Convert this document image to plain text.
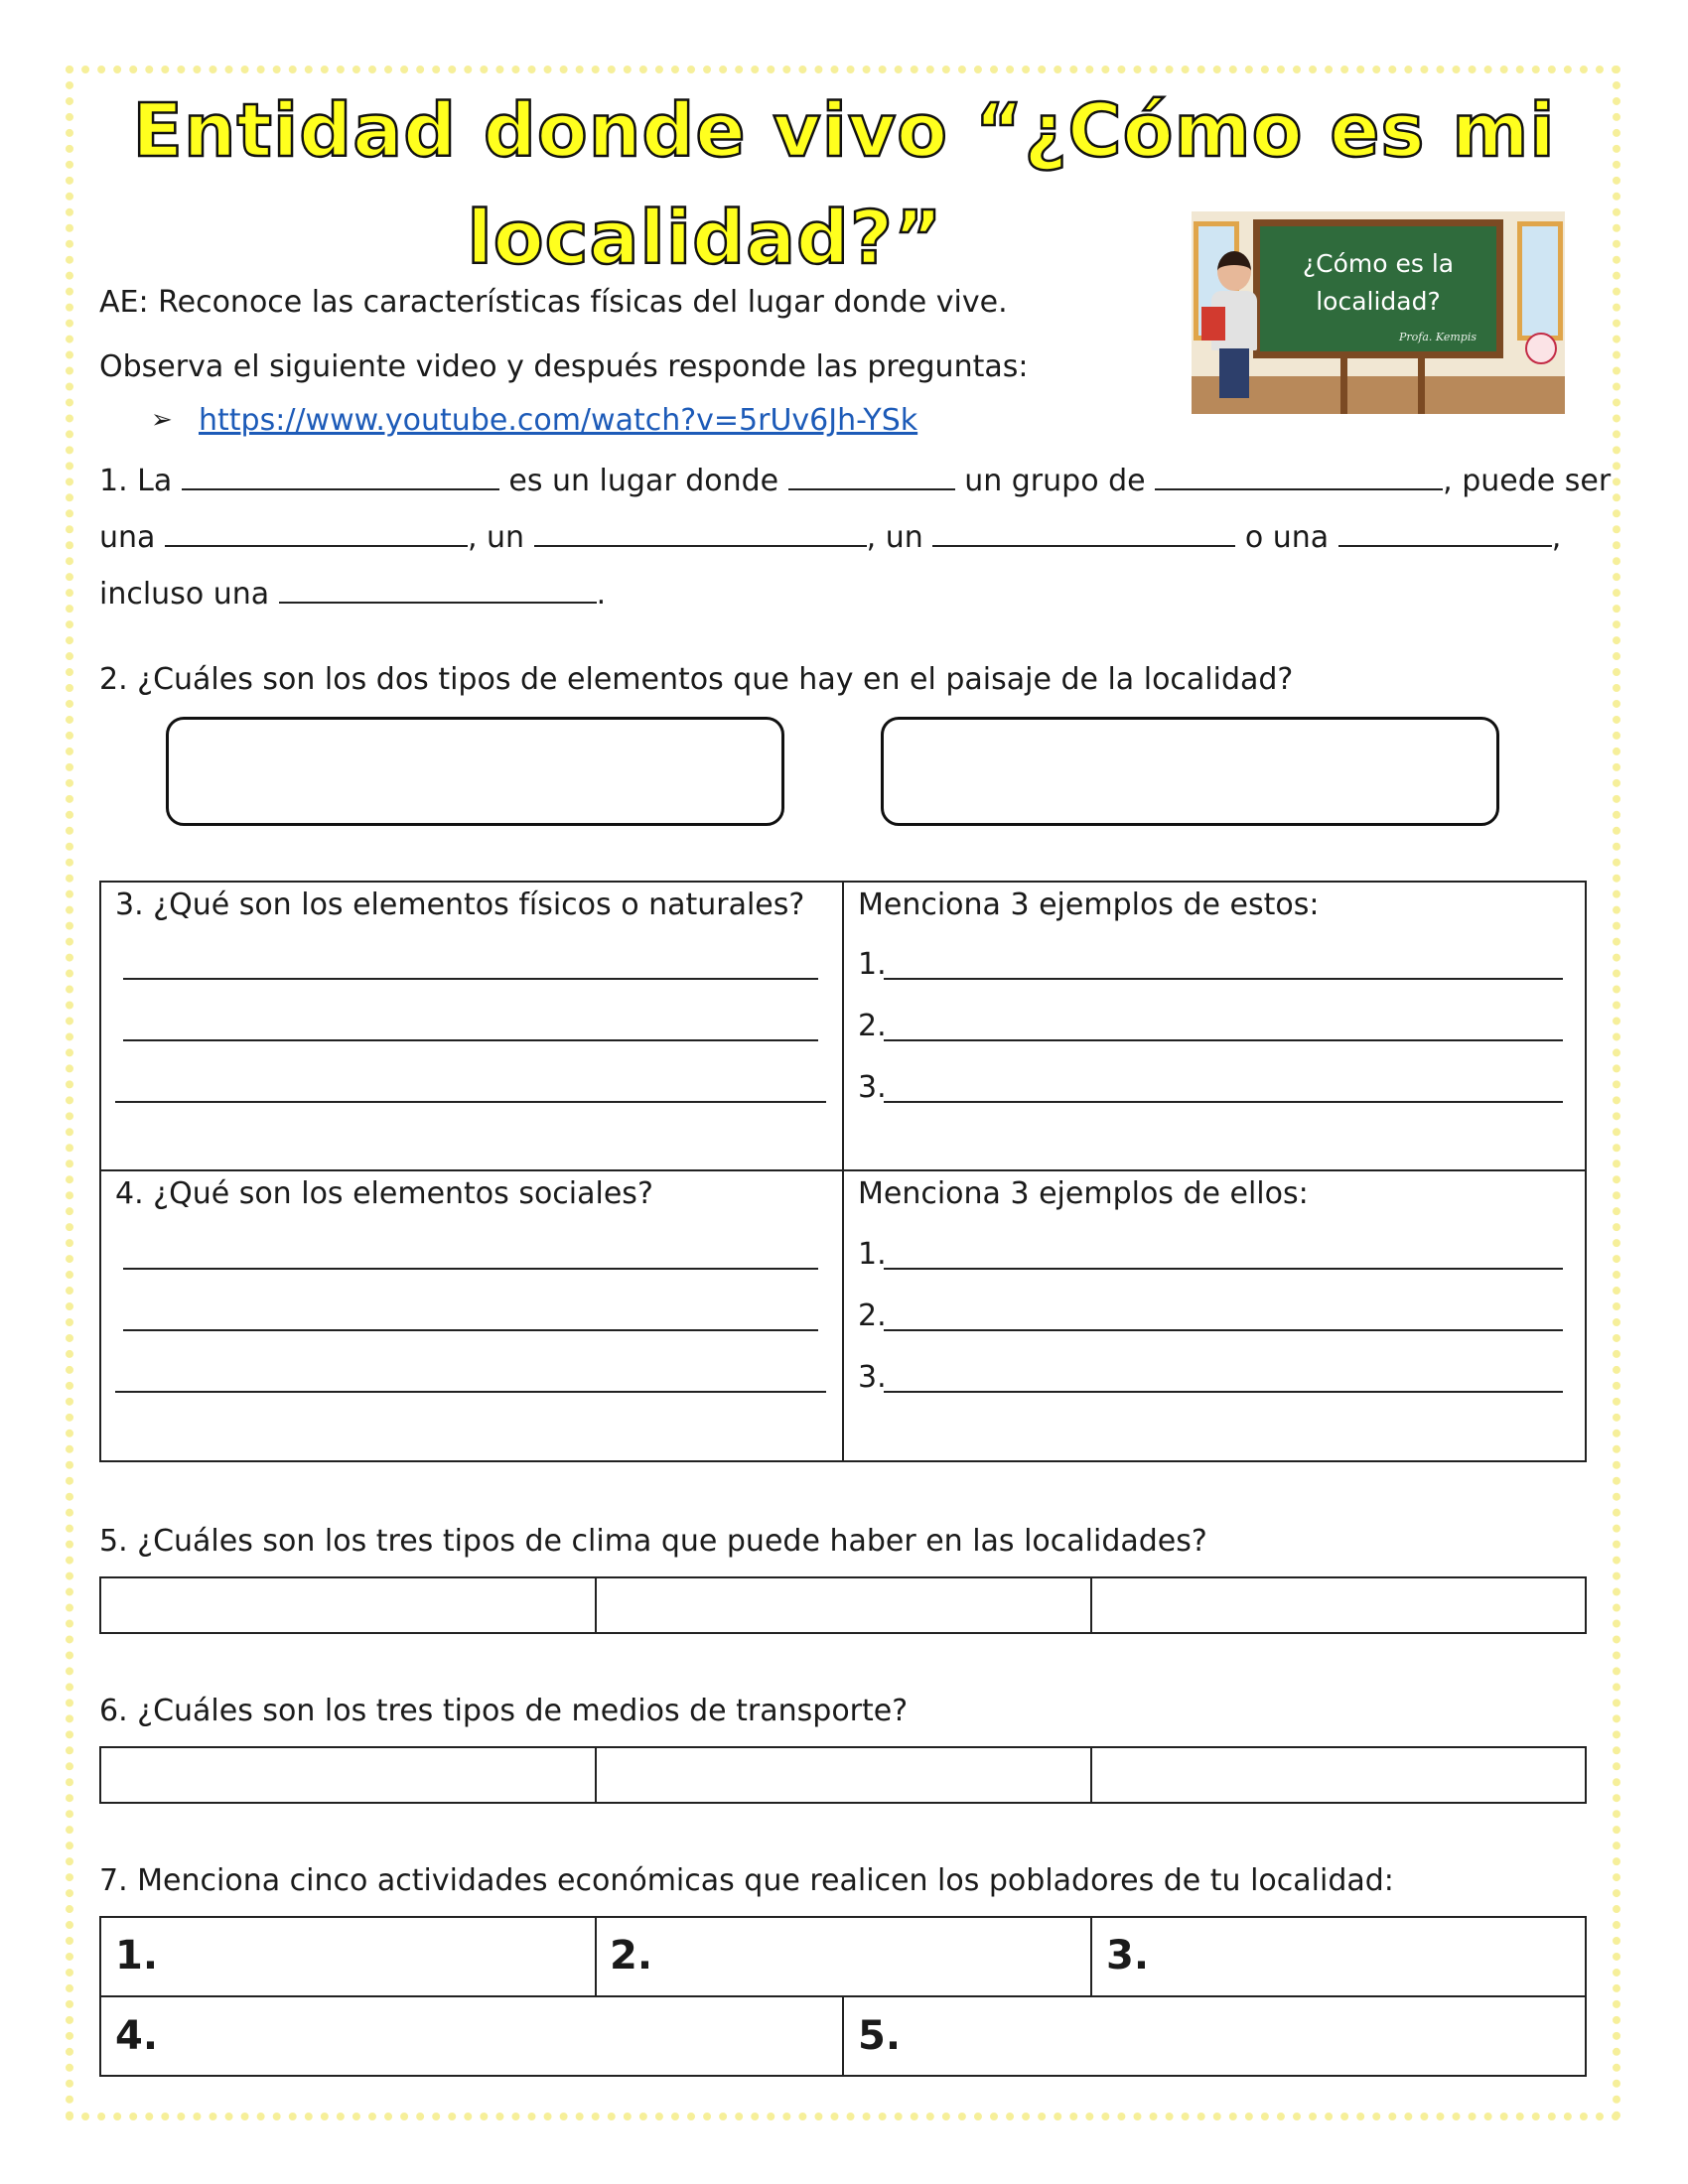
Entidad donde vivo “¿Cómo es mi
localidad?”	¿Cómo es la
localidad?
Profa. Kempis
AE: Reconoce las características físicas del lugar donde vive.
Observa el siguiente video y después responde las preguntas:
➢ https://www.youtube.com/watch?v=5rUv6Jh-YSk
1. La	es un lugar donde	un grupo de	, puede ser
una	, un	, un	o una	,
incluso una	.
2. ¿Cuáles son los dos tipos de elementos que hay en el paisaje de la localidad?
3. ¿Qué son los elementos físicos o naturales? Menciona 3 ejemplos de estos:
1.
2.
3.
4. ¿Qué son los elementos sociales?	Menciona 3 ejemplos de ellos:
1.
2.
3.
5. ¿Cuáles son los tres tipos de clima que puede haber en las localidades?
6. ¿Cuáles son los tres tipos de medios de transporte?
7. Menciona cinco actividades económicas que realicen los pobladores de tu localidad:
1.	2.	3.
4.	5.
